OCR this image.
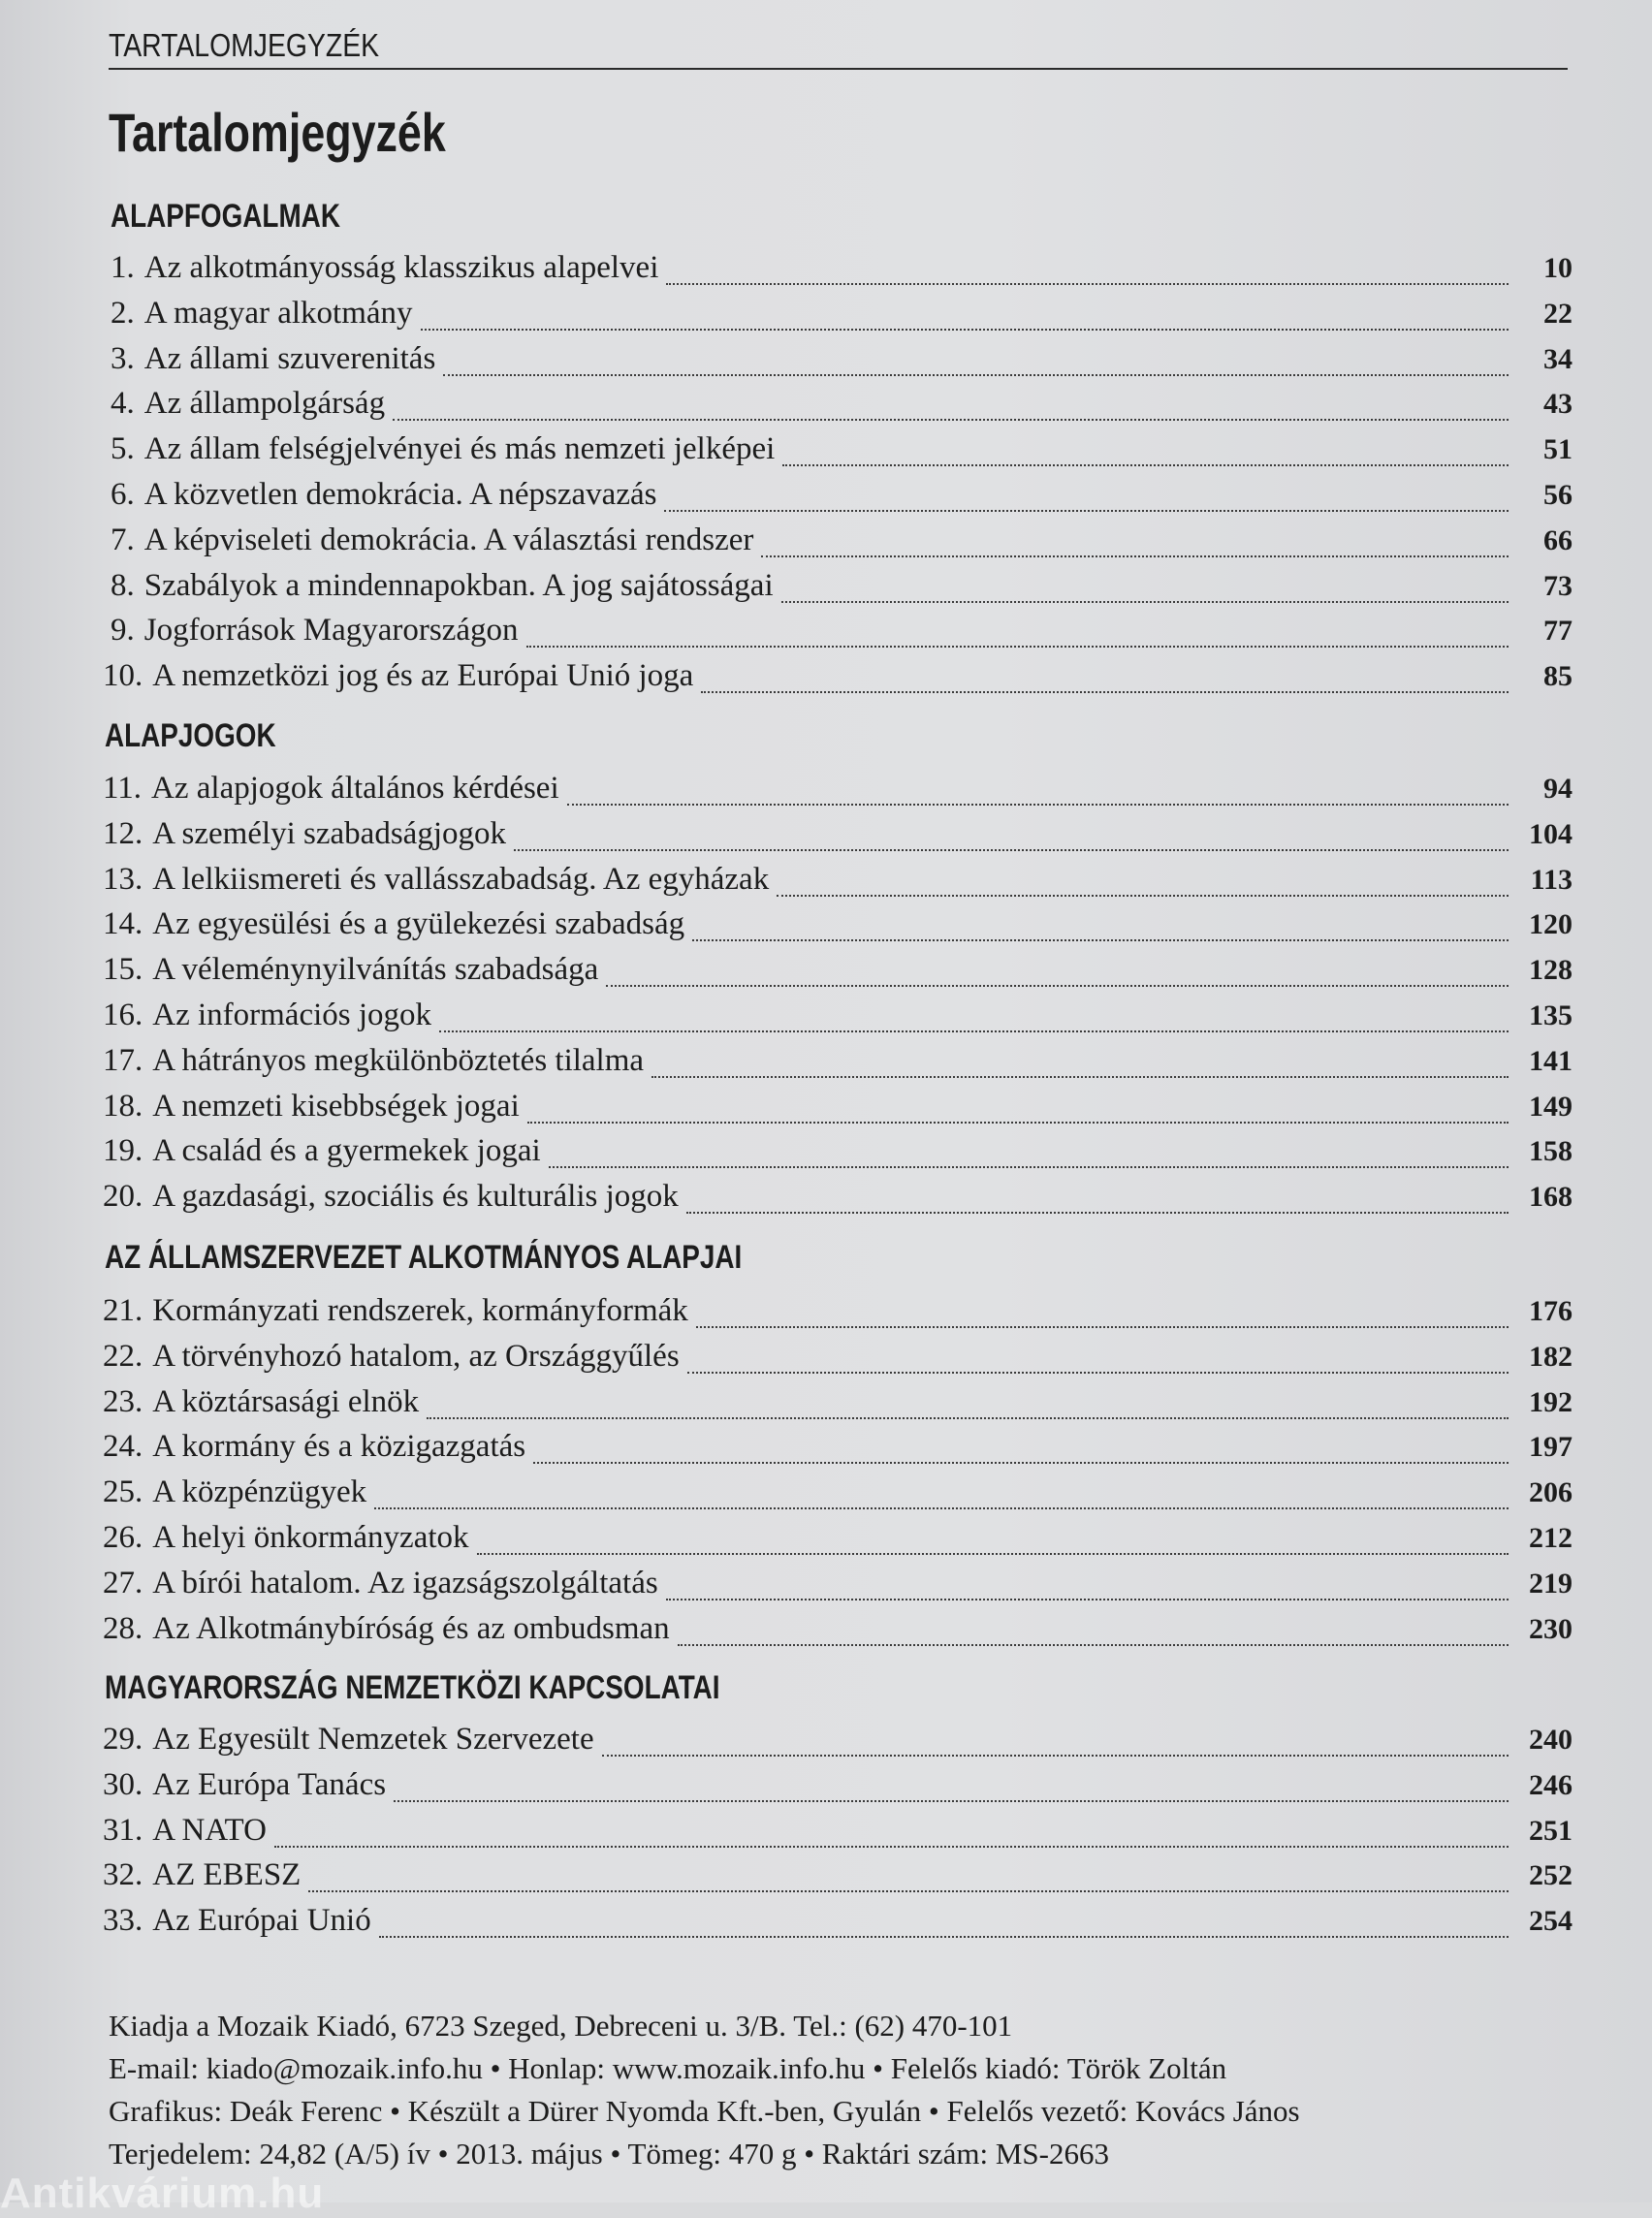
TARTALOMJEGYZÉK
Tartalomjegyzék
ALAPFOGALMAK
1. Az alkotmányosság klasszikus alapelvei	10
2. A magyar alkotmány	22
3. Az állami szuverenitás	34
4. Az állampolgárság	43
5. Az állam felségjelvényei és más nemzeti jelképei	51
6. A közvetlen demokrácia. A népszavazás	56
7. A képviseleti demokrácia. A választási rendszer	66
8. Szabályok a mindennapokban. A jog sajátosságai	73
9. Jogforrások Magyarországon	77
10. A nemzetközi jog és az Európai Unió joga	85
ALAPJOGOK
11. Az alapjogok általános kérdései	94
12. A személyi szabadságjogok	104
13. A lelkiismereti és vallásszabadság. Az egyházak	113
14. Az egyesülési és a gyülekezési szabadság	120
15. A véleménynyilvánítás szabadsága	128
16. Az információs jogok	135
17. A hátrányos megkülönböztetés tilalma	141
18. A nemzeti kisebbségek jogai	149
19. A család és a gyermekek jogai	158
20. A gazdasági, szociális és kulturális jogok	168
AZ ÁLLAMSZERVEZET ALKOTMÁNYOS ALAPJAI
21. Kormányzati rendszerek, kormányformák	176
22. A törvényhozó hatalom, az Országgyűlés	182
23. A köztársasági elnök	192
24. A kormány és a közigazgatás	197
25. A közpénzügyek	206
26. A helyi önkormányzatok	212
27. A bírói hatalom. Az igazságszolgáltatás	219
28. Az Alkotmánybíróság és az ombudsman	230
MAGYARORSZÁG NEMZETKÖZI KAPCSOLATAI
29. Az Egyesült Nemzetek Szervezete	240
30. Az Európa Tanács	246
31. A NATO	251
32. AZ EBESZ	252
33. Az Európai Unió	254
Kiadja a Mozaik Kiadó, 6723 Szeged, Debreceni u. 3/B. Tel.: (62) 470-101
E-mail: kiado@mozaik.info.hu • Honlap: www.mozaik.info.hu • Felelős kiadó: Török Zoltán
Grafikus: Deák Ferenc • Készült a Dürer Nyomda Kft.-ben, Gyulán • Felelős vezető: Kovács János
Terjedelem: 24,82 (A/5) ív • 2013. május • Tömeg: 470 g • Raktári szám: MS-2663
Antikvárium.hu
